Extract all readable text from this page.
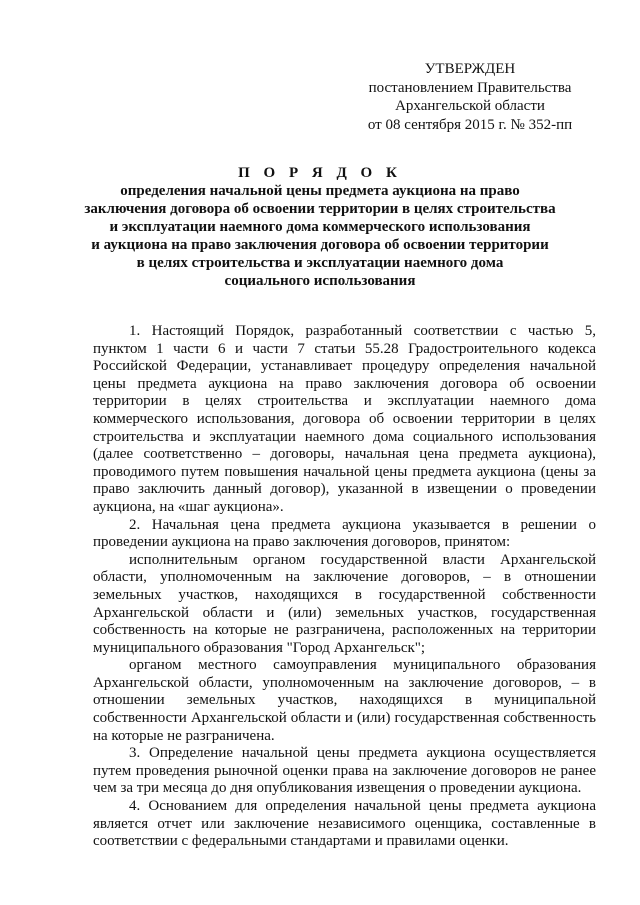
УТВЕРЖДЕН
постановлением Правительства
Архангельской области
от 08 сентября 2015 г. № 352-пп
П О Р Я Д О К
определения начальной цены предмета аукциона на право
заключения договора об освоении территории в целях строительства
и эксплуатации наемного дома коммерческого использования
и аукциона на право заключения договора об освоении территории
в целях строительства и эксплуатации наемного дома
социального использования

1. Настоящий Порядок, разработанный соответствии с частью 5, пунктом 1 части 6 и части 7 статьи 55.28 Градостроительного кодекса Российской Федерации, устанавливает процедуру определения начальной цены предмета аукциона на право заключения договора об освоении территории в целях строительства и эксплуатации наемного дома коммерческого использования, договора об освоении территории в целях строительства и эксплуатации наемного дома социального использования (далее соответственно – договоры, начальная цена предмета аукциона), проводимого путем повышения начальной цены предмета аукциона (цены за право заключить данный договор), указанной в извещении о проведении аукциона, на «шаг аукциона».

2. Начальная цена предмета аукциона указывается в решении о проведении аукциона на право заключения договоров, принятом:

исполнительным органом государственной власти Архангельской области, уполномоченным на заключение договоров, – в отношении земельных участков, находящихся в государственной собственности Архангельской области и (или) земельных участков, государственная собственность на которые не разграничена, расположенных на территории муниципального образования "Город Архангельск";

органом местного самоуправления муниципального образования Архангельской области, уполномоченным на заключение договоров, – в отношении земельных участков, находящихся в муниципальной собственности Архангельской области и (или) государственная собственность на которые не разграничена.

3. Определение начальной цены предмета аукциона осуществляется путем проведения рыночной оценки права на заключение договоров не ранее чем за три месяца до дня опубликования извещения о проведении аукциона.

4. Основанием для определения начальной цены предмета аукциона является отчет или заключение независимого оценщика, составленные в соответствии с федеральными стандартами и правилами оценки.
